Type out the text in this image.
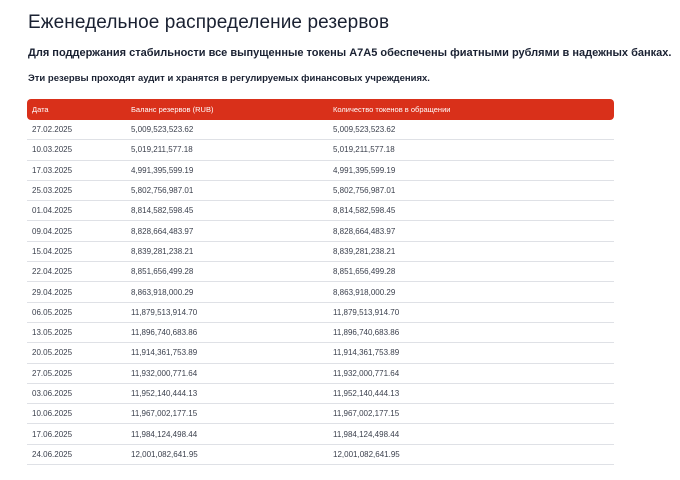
Еженедельное распределение резервов

Для поддержания стабильности все выпущенные токены A7A5 обеспечены фиатными рублями в надежных банках.

Эти резервы проходят аудит и хранятся в регулируемых финансовых учреждениях.

Дата	Баланс резервов (RUB)	Количество токенов в обращении
27.02.2025	5,009,523,523.62	5,009,523,523.62
10.03.2025	5,019,211,577.18	5,019,211,577.18
17.03.2025	4,991,395,599.19	4,991,395,599.19
25.03.2025	5,802,756,987.01	5,802,756,987.01
01.04.2025	8,814,582,598.45	8,814,582,598.45
09.04.2025	8,828,664,483.97	8,828,664,483.97
15.04.2025	8,839,281,238.21	8,839,281,238.21
22.04.2025	8,851,656,499.28	8,851,656,499.28
29.04.2025	8,863,918,000.29	8,863,918,000.29
06.05.2025	11,879,513,914.70	11,879,513,914.70
13.05.2025	11,896,740,683.86	11,896,740,683.86
20.05.2025	11,914,361,753.89	11,914,361,753.89
27.05.2025	11,932,000,771.64	11,932,000,771.64
03.06.2025	11,952,140,444.13	11,952,140,444.13
10.06.2025	11,967,002,177.15	11,967,002,177.15
17.06.2025	11,984,124,498.44	11,984,124,498.44
24.06.2025	12,001,082,641.95	12,001,082,641.95
